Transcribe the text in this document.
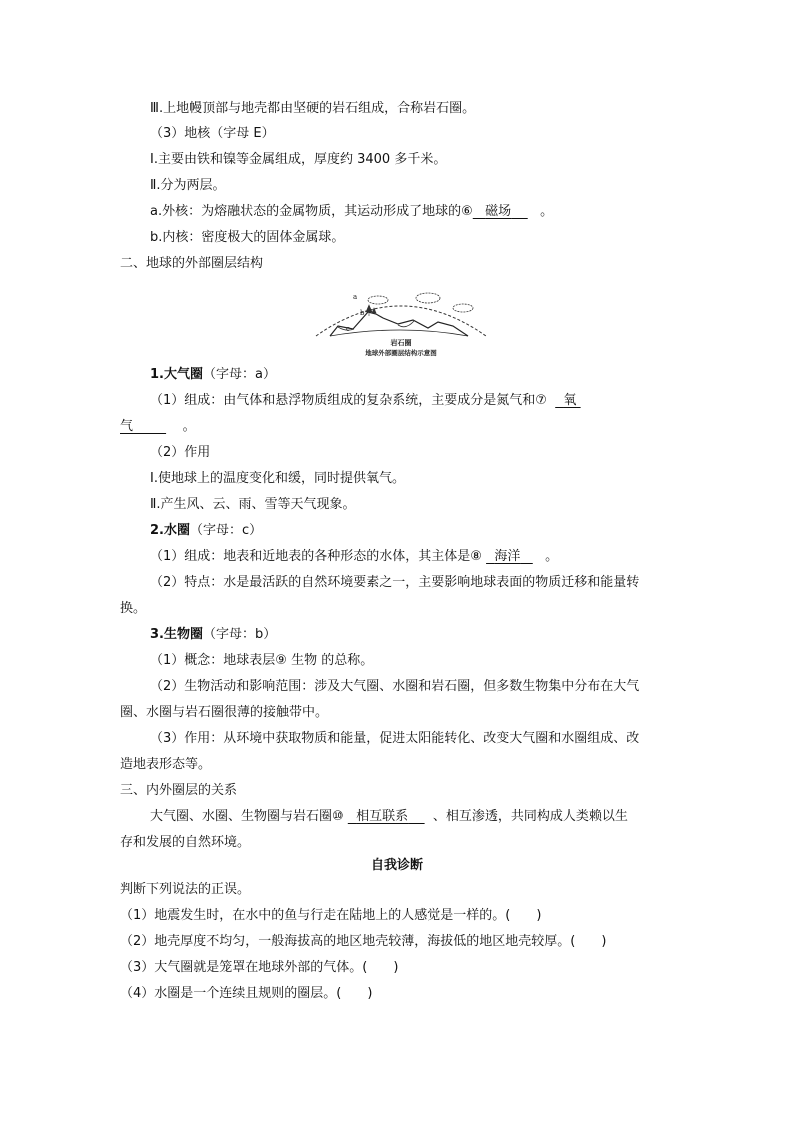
Ⅲ.上地幔顶部与地壳都由坚硬的岩石组成，合称岩石圈。
（3）地核（字母 E）
Ⅰ.主要由铁和镍等金属组成，厚度约 3400 多千米。
Ⅱ.分为两层。
a.外核：为熔融状态的金属物质，其运动形成了地球的⑥ 磁场 。
b.内核：密度极大的固体金属球。
二、地球的外部圈层结构
a
b
c
岩石圈
地球外部圈层结构示意图
1.大气圈（字母：a）
（1）组成：由气体和悬浮物质组成的复杂系统，主要成分是氮气和⑦ 氧
气	。
（2）作用
Ⅰ.使地球上的温度变化和缓，同时提供氧气。
Ⅱ.产生风、云、雨、雪等天气现象。
2.水圈（字母：c）
（1）组成：地表和近地表的各种形态的水体，其主体是⑧ 海洋 。
（2）特点：水是最活跃的自然环境要素之一，主要影响地球表面的物质迁移和能量转
换。
3.生物圈（字母：b）
（1）概念：地球表层⑨ 生物 的总称。
（2）生物活动和影响范围：涉及大气圈、水圈和岩石圈，但多数生物集中分布在大气
圈、水圈与岩石圈很薄的接触带中。
（3）作用：从环境中获取物质和能量，促进太阳能转化、改变大气圈和水圈组成、改
造地表形态等。
三、内外圈层的关系
大气圈、水圈、生物圈与岩石圈⑩ 相互联系 、相互渗透，共同构成人类赖以生
存和发展的自然环境。
自我诊断
判断下列说法的正误。
（1）地震发生时，在水中的鱼与行走在陆地上的人感觉是一样的。(　　)
（2）地壳厚度不均匀，一般海拔高的地区地壳较薄，海拔低的地区地壳较厚。(　　)
（3）大气圈就是笼罩在地球外部的气体。(　　)
（4）水圈是一个连续且规则的圈层。(　　)
